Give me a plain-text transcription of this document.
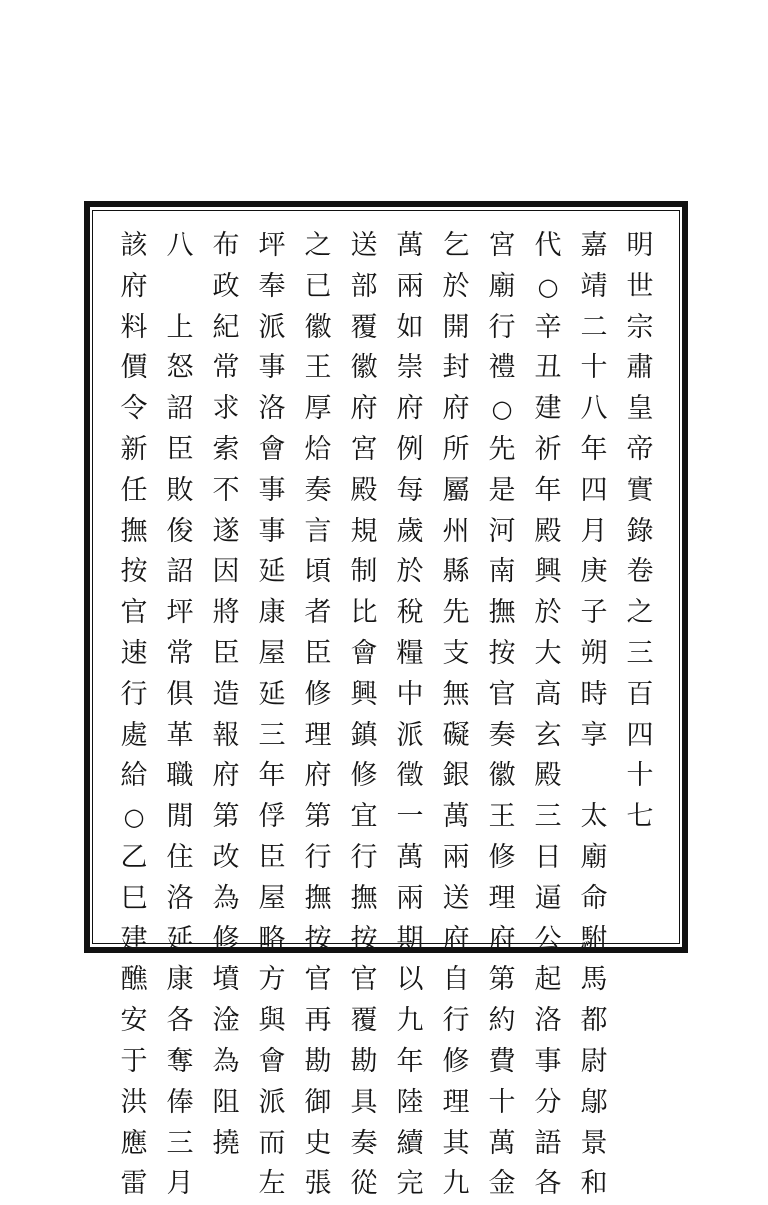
明
世
宗
肅
皇
帝
實
錄
卷
之
三
百
四
十
七
嘉
靖
二
十
八
年
四
月
庚
子
朔
時
享
太
廟
命
駙
馬
都
尉
鄔
景
和
代
○
辛
丑
建
祈
年
殿
興
於
大
高
玄
殿
三
日
逼
公
起
洛
事
分
語
各
宮
廟
行
禮
○
先
是
河
南
撫
按
官
奏
徽
王
修
理
府
第
約
費
十
萬
金
乞
於
開
封
府
所
屬
州
縣
先
支
無
礙
銀
萬
兩
送
府
自
行
修
理
其
九
萬
兩
如
崇
府
例
每
歲
於
稅
糧
中
派
徵
一
萬
兩
期
以
九
年
陸
續
完
送
部
覆
徽
府
宮
殿
規
制
比
會
興
鎮
修
宜
行
撫
按
官
覆
勘
具
奏
從
之
已
徽
王
厚
烚
奏
言
頃
者
臣
修
理
府
第
行
撫
按
官
再
勘
御
史
張
坪
奉
派
事
洛
會
事
事
延
康
屋
延
三
年
俘
臣
屋
略
方
與
會
派
而
左
布
政
紀
常
求
索
不
遂
因
將
臣
造
報
府
第
改
為
修
墳
淦
為
阻
撓
八
上
怒
詔
臣
敗
俊
詔
坪
常
俱
革
職
閒
住
洛
延
康
各
奪
俸
三
月
該
府
料
價
令
新
任
撫
按
官
速
行
處
給
○
乙
巳
建
醮
安
于
洪
應
雷
